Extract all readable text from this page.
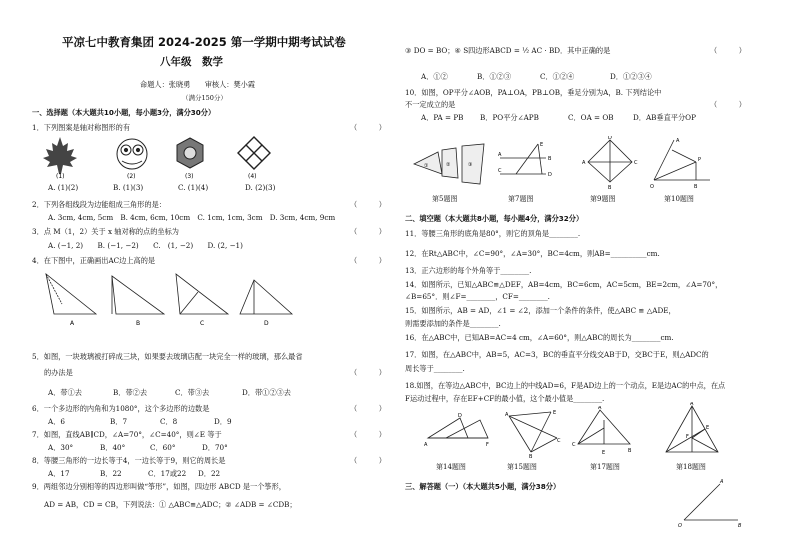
平凉七中教育集团 2024-2025 第一学期中期考试试卷
八年级　数学
命题人：张晓勇　　审核人：樊小霞
（满分150分）
一、选择题（本大题共10小题，每小题3分，满分30分）
1．下列图案是轴对称图形的有	（　　　）
(1)	(2)	(3)	(4)
A. (1)(2)	B. (1)(3)	C. (1)(4)	D. (2)(3)
2．下列各组线段为边能组成三角形的是：	（　　　）
A. 3cm, 4cm, 5cm　B. 4cm, 6cm, 10cm　C. 1cm, 1cm, 3cm　D. 3cm, 4cm, 9cm
3．点 M（1，2）关于 x 轴对称的点的坐标为	（　　　）
A. (−1, 2)　　B. (−1, −2)　　C.　(1, −2)　　D. (2, −1)
4．在下图中，正确画出AC边上高的是	（　　　）
A	B	C	D
5．如图，一块玻璃被打碎成三块，如果要去玻璃店配一块完全一样的玻璃，那么最省
的办法是	（　　　）
A．带①去	B．带②去	C．带③去	D．带①②③去
6．一个多边形的内角和为1080°，这个多边形的边数是	（　　　）
A．6	B．7	C．8	D．9
7．如图，直线AB∥CD，∠A=70°，∠C=40°，则∠E 等于	（　　　）
A．30°	B．40°	C．60°	D．70°
8．等腰三角形的一边长等于4，一边长等于9，则它的周长是	（　　　）
A．17	B．22	C．17或22 D．22
9．两组邻边分别相等的四边形叫做“筝形”，如图，四边形 ABCD 是一个筝形，
AD = AB，CD = CB，下列说法：① △ABC≌△ADC；② ∠ADB = ∠CDB；
③ DO = BO；④ S四边形ABCD = ½ AC · BD．其中正确的是	（　　　）
A．①②	B．①②③	C．①②④	D．①②③④
10．如图，OP平分∠AOB，PA⊥OA，PB⊥OB，垂足分别为A，B. 下列结论中
不一定成立的是	（　　　）
A．PA = PB B．PO平分∠APB	C．OA = OB	D．AB垂直平分OP
①	②	③
A
B
C
D
E
A	C
D
B	O
A
P
B
第5题图	第7题图	第9题图	第10题图
二、填空题（本大题共8小题，每小题4分，满分32分）
11．等腰三角形的底角是80°，则它的顶角是________.
12．在Rt△ABC中，∠C=90°，∠A=30°，BC=4cm，则AB=__________cm.
13．正六边形的每个外角等于________.
14．如图所示，已知△ABC≌△DEF，AB=4cm，BC=6cm，AC=5cm，BE=2cm，∠A=70°，
∠B=65°．则∠F=________，CF=________.
15．如图所示，AB = AD，∠1 = ∠2，添加一个条件的条件，使△ABC ≌ △ADE，
则需要添加的条件是________.
16．在△ABC中，已知AB=AC=4 cm，∠A=60°，则△ABC的周长为________cm.
17．如图，在△ABC中，AB=5，AC=3，BC的垂直平分线交AB于D，交BC于E，则△ADC的
周长等于________.
18.如图，在等边△ABC中，BC边上的中线AD=6，F是AD边上的一个动点，E是边AC的中点，在点
F运动过程中，存在EF+CF的最小值，这个最小值是________.
A
D
F
A	E
C
B
C
A
E	B
A
E
F
第14题图	第15题图	第17题图	第18题图
三、解答题（一）（本大题共5小题，满分38分）	A
O	B
